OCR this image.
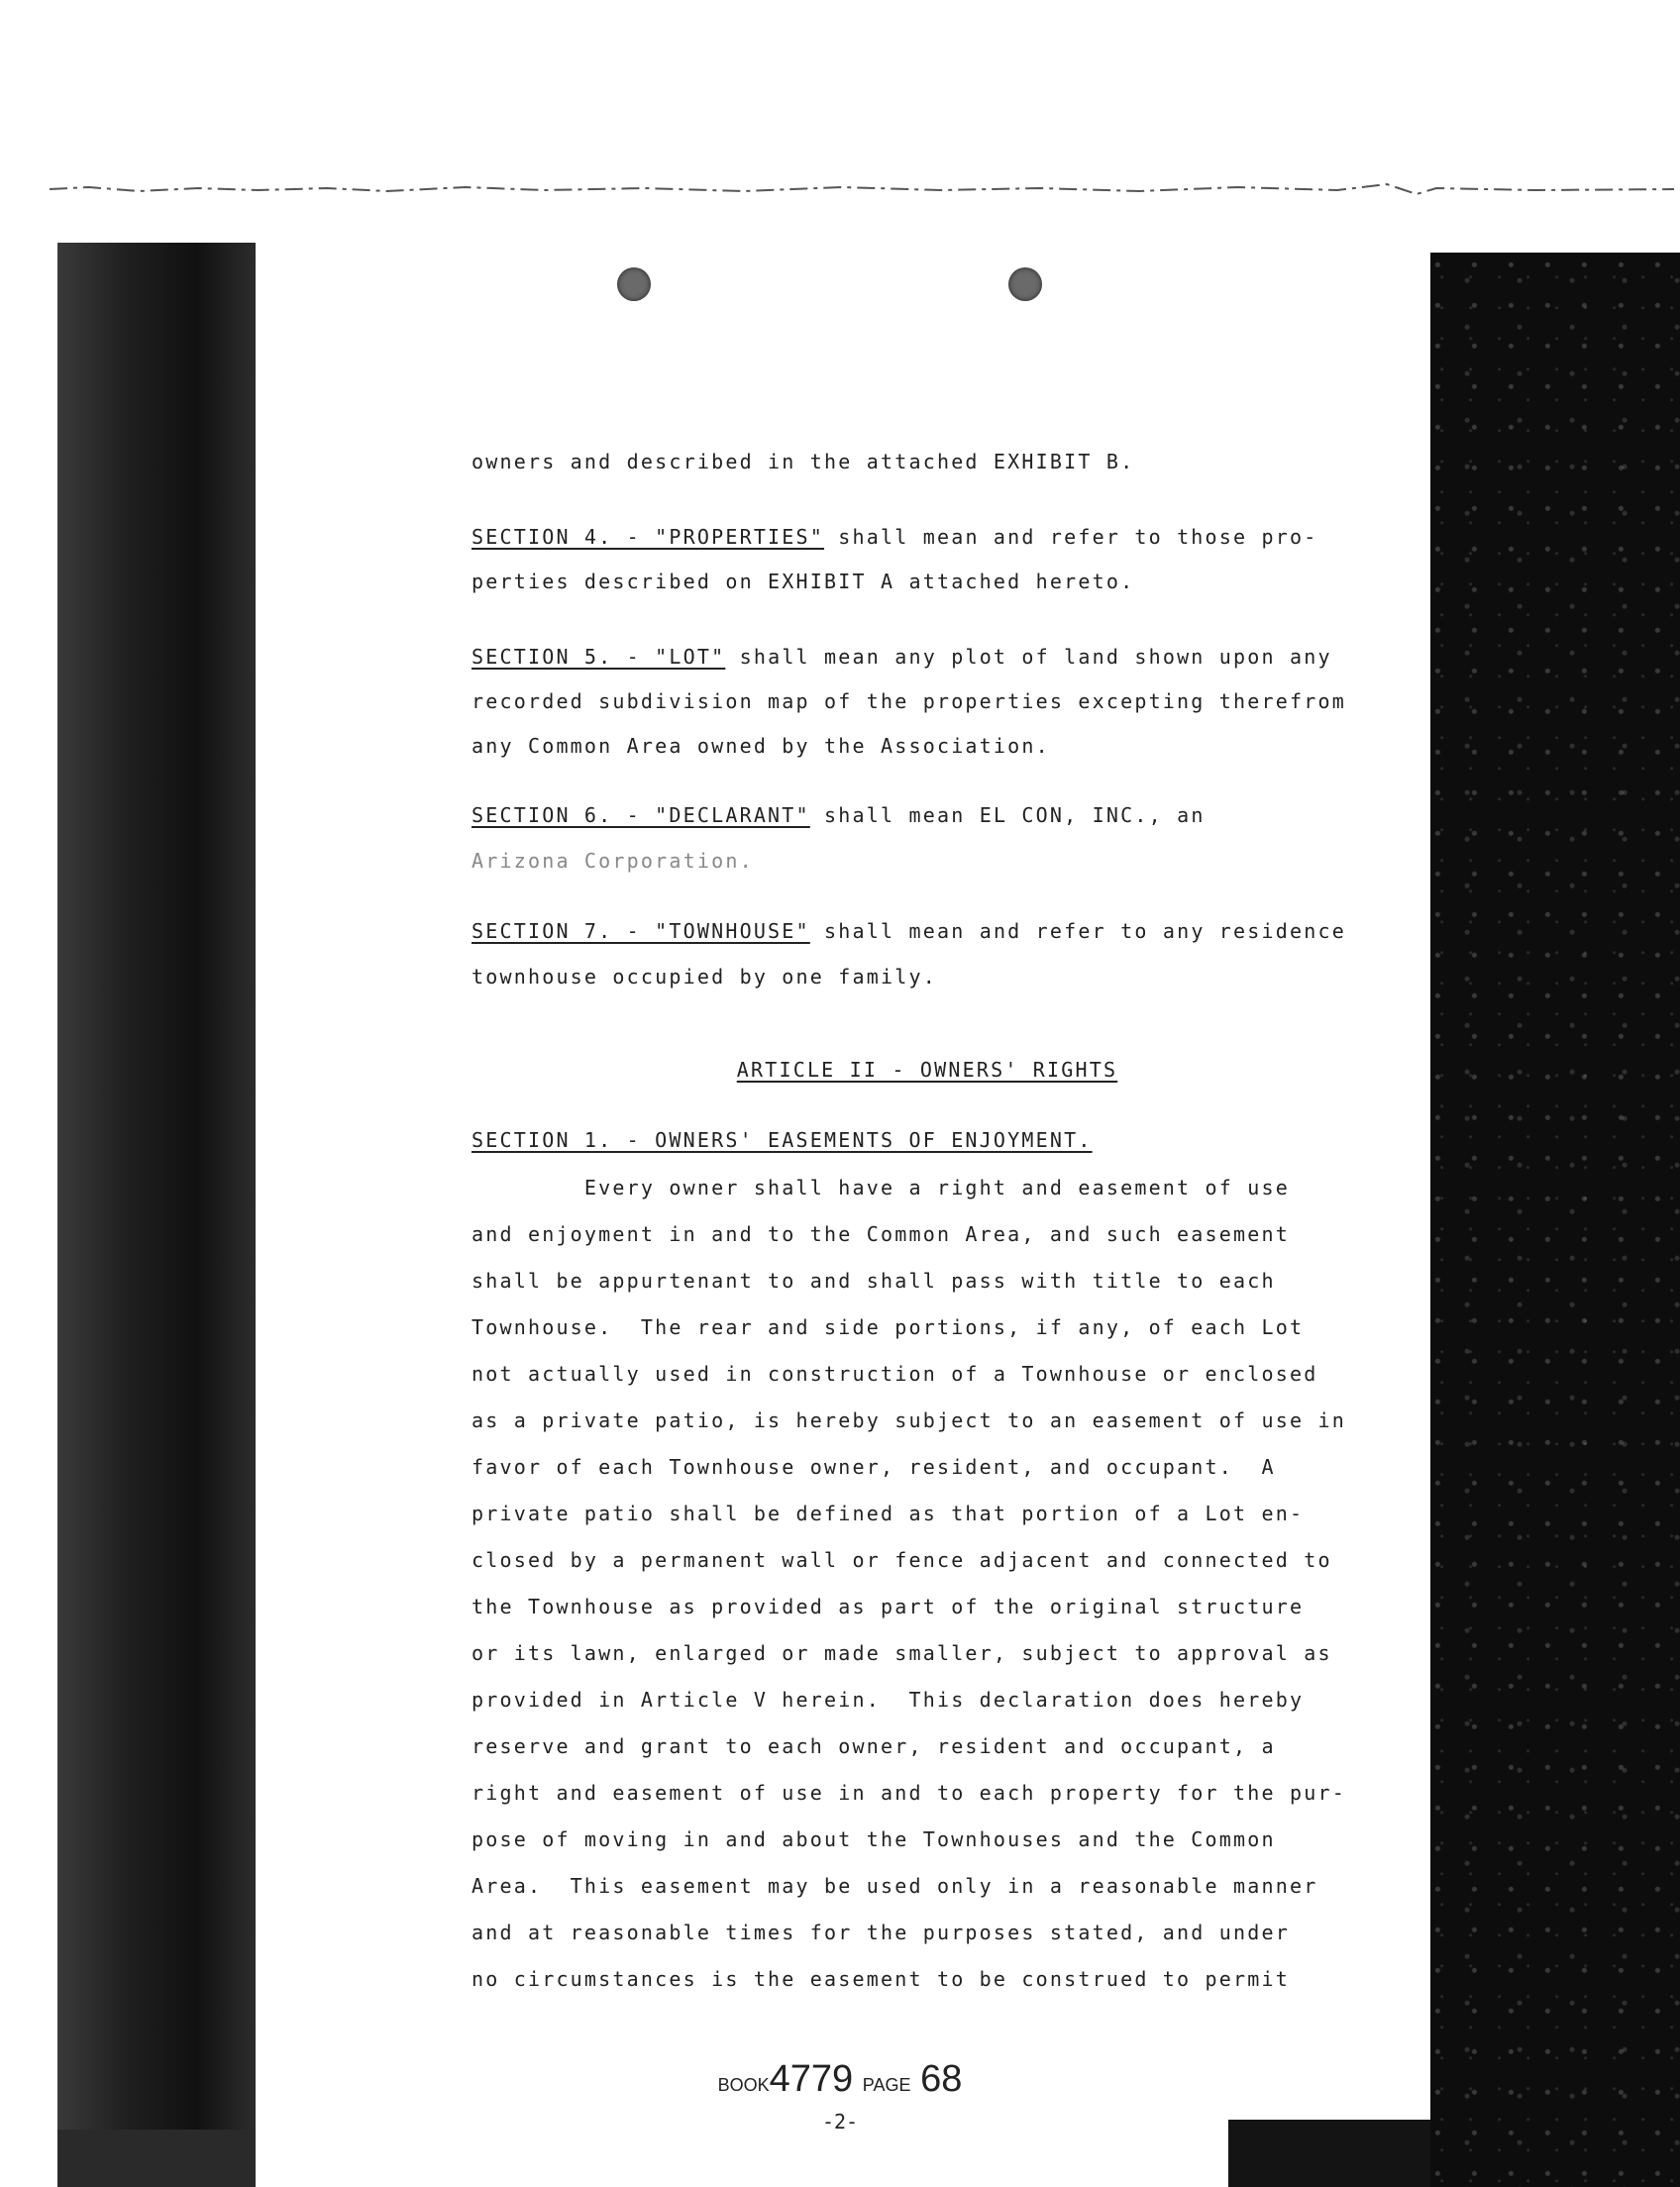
owners and described in the attached EXHIBIT B.
SECTION 4. - "PROPERTIES" shall mean and refer to those pro-
perties described on EXHIBIT A attached hereto.
SECTION 5. - "LOT" shall mean any plot of land shown upon any
recorded subdivision map of the properties excepting therefrom
any Common Area owned by the Association.
SECTION 6. - "DECLARANT" shall mean EL CON, INC., an
Arizona Corporation.
SECTION 7. - "TOWNHOUSE" shall mean and refer to any residence
townhouse occupied by one family.
ARTICLE II - OWNERS' RIGHTS
SECTION 1. - OWNERS' EASEMENTS OF ENJOYMENT.
Every owner shall have a right and easement of use
and enjoyment in and to the Common Area, and such easement
shall be appurtenant to and shall pass with title to each
Townhouse.  The rear and side portions, if any, of each Lot
not actually used in construction of a Townhouse or enclosed
as a private patio, is hereby subject to an easement of use in
favor of each Townhouse owner, resident, and occupant.  A
private patio shall be defined as that portion of a Lot en-
closed by a permanent wall or fence adjacent and connected to
the Townhouse as provided as part of the original structure
or its lawn, enlarged or made smaller, subject to approval as
provided in Article V herein.  This declaration does hereby
reserve and grant to each owner, resident and occupant, a
right and easement of use in and to each property for the pur-
pose of moving in and about the Townhouses and the Common
Area.  This easement may be used only in a reasonable manner
and at reasonable times for the purposes stated, and under
no circumstances is the easement to be construed to permit
BOOK4779 PAGE 68
-2-
